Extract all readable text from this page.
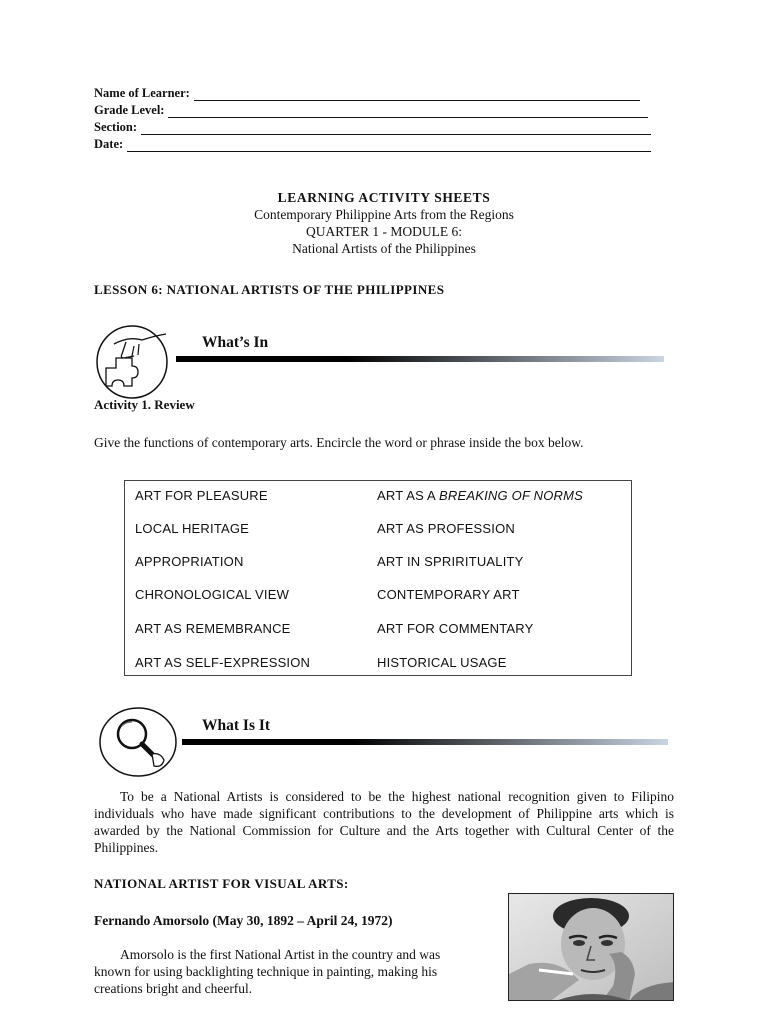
Name of Learner:
Grade Level:
Section:
Date:
LEARNING ACTIVITY SHEETS
Contemporary Philippine Arts from the Regions
QUARTER 1 - MODULE 6:
National Artists of the Philippines
LESSON 6: NATIONAL ARTISTS OF THE PHILIPPINES
What’s In
Activity 1. Review
Give the functions of contemporary arts. Encircle the word or phrase inside the box below.
ART FOR PLEASURE
LOCAL HERITAGE
APPROPRIATION
CHRONOLOGICAL VIEW
ART AS REMEMBRANCE
ART AS SELF-EXPRESSION
ART AS A BREAKING OF NORMS
ART AS PROFESSION
ART IN SPRIRITUALITY
CONTEMPORARY ART
ART FOR COMMENTARY
HISTORICAL USAGE
What Is It
To be a National Artists is considered to be the highest national recognition given to Filipino individuals who have made significant contributions to the development of Philippine arts which is awarded by the National Commission for Culture and the Arts together with Cultural Center of the Philippines.
NATIONAL ARTIST FOR VISUAL ARTS:
Fernando Amorsolo (May 30, 1892 – April 24, 1972)
Amorsolo is the first National Artist in the country and was known for using backlighting technique in painting, making his creations bright and cheerful.
